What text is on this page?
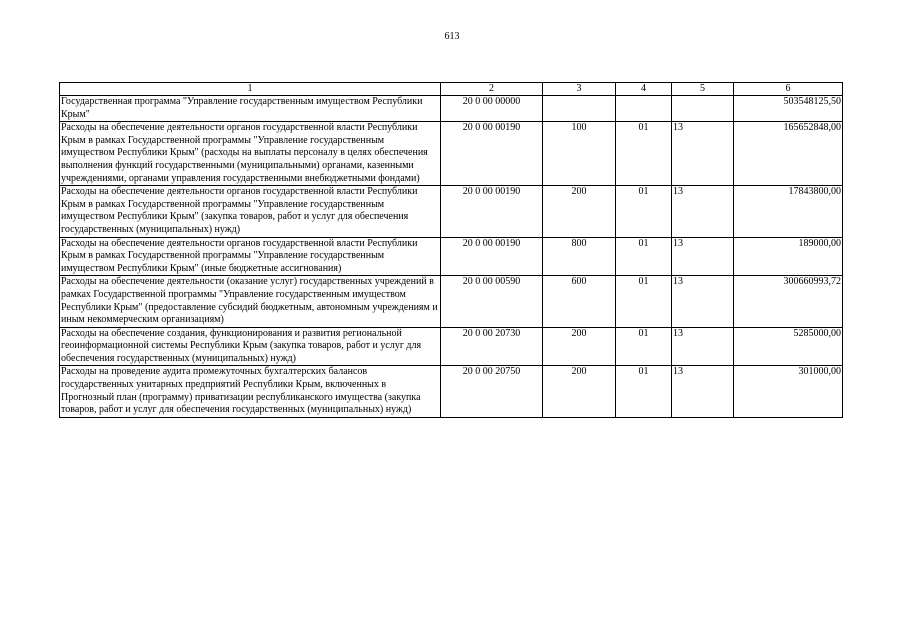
613
1	2	3	4	5	6
Государственная программа "Управление государственным имуществом Республики Крым"	20 0 00 00000				503548125,50
Расходы на обеспечение деятельности органов государственной власти Республики Крым в рамках Государственной программы "Управление государственным имуществом Республики Крым" (расходы на выплаты персоналу в целях обеспечения выполнения функций государственными (муниципальными) органами, казенными учреждениями, органами управления государственными внебюджетными фондами)	20 0 00 00190	100	01	13	165652848,00
Расходы на обеспечение деятельности органов государственной власти Республики Крым в рамках Государственной программы "Управление государственным имуществом Республики Крым" (закупка товаров, работ и услуг для обеспечения государственных (муниципальных) нужд)	20 0 00 00190	200	01	13	17843800,00
Расходы на обеспечение деятельности органов государственной власти Республики Крым в рамках Государственной программы "Управление государственным имуществом Республики Крым" (иные бюджетные ассигнования)	20 0 00 00190	800	01	13	189000,00
Расходы на обеспечение деятельности (оказание услуг) государственных учреждений в рамках Государственной программы "Управление государственным имуществом Республики Крым" (предоставление субсидий бюджетным, автономным учреждениям и иным некоммерческим организациям)	20 0 00 00590	600	01	13	300660993,72
Расходы на обеспечение создания, функционирования и развития региональной геоинформационной системы Республики Крым (закупка товаров, работ и услуг для обеспечения государственных (муниципальных) нужд)	20 0 00 20730	200	01	13	5285000,00
Расходы на проведение аудита промежуточных бухгалтерских балансов государственных унитарных предприятий Республики Крым, включенных в Прогнозный план (программу) приватизации республиканского имущества (закупка товаров, работ и услуг для обеспечения государственных (муниципальных) нужд)	20 0 00 20750	200	01	13	301000,00
